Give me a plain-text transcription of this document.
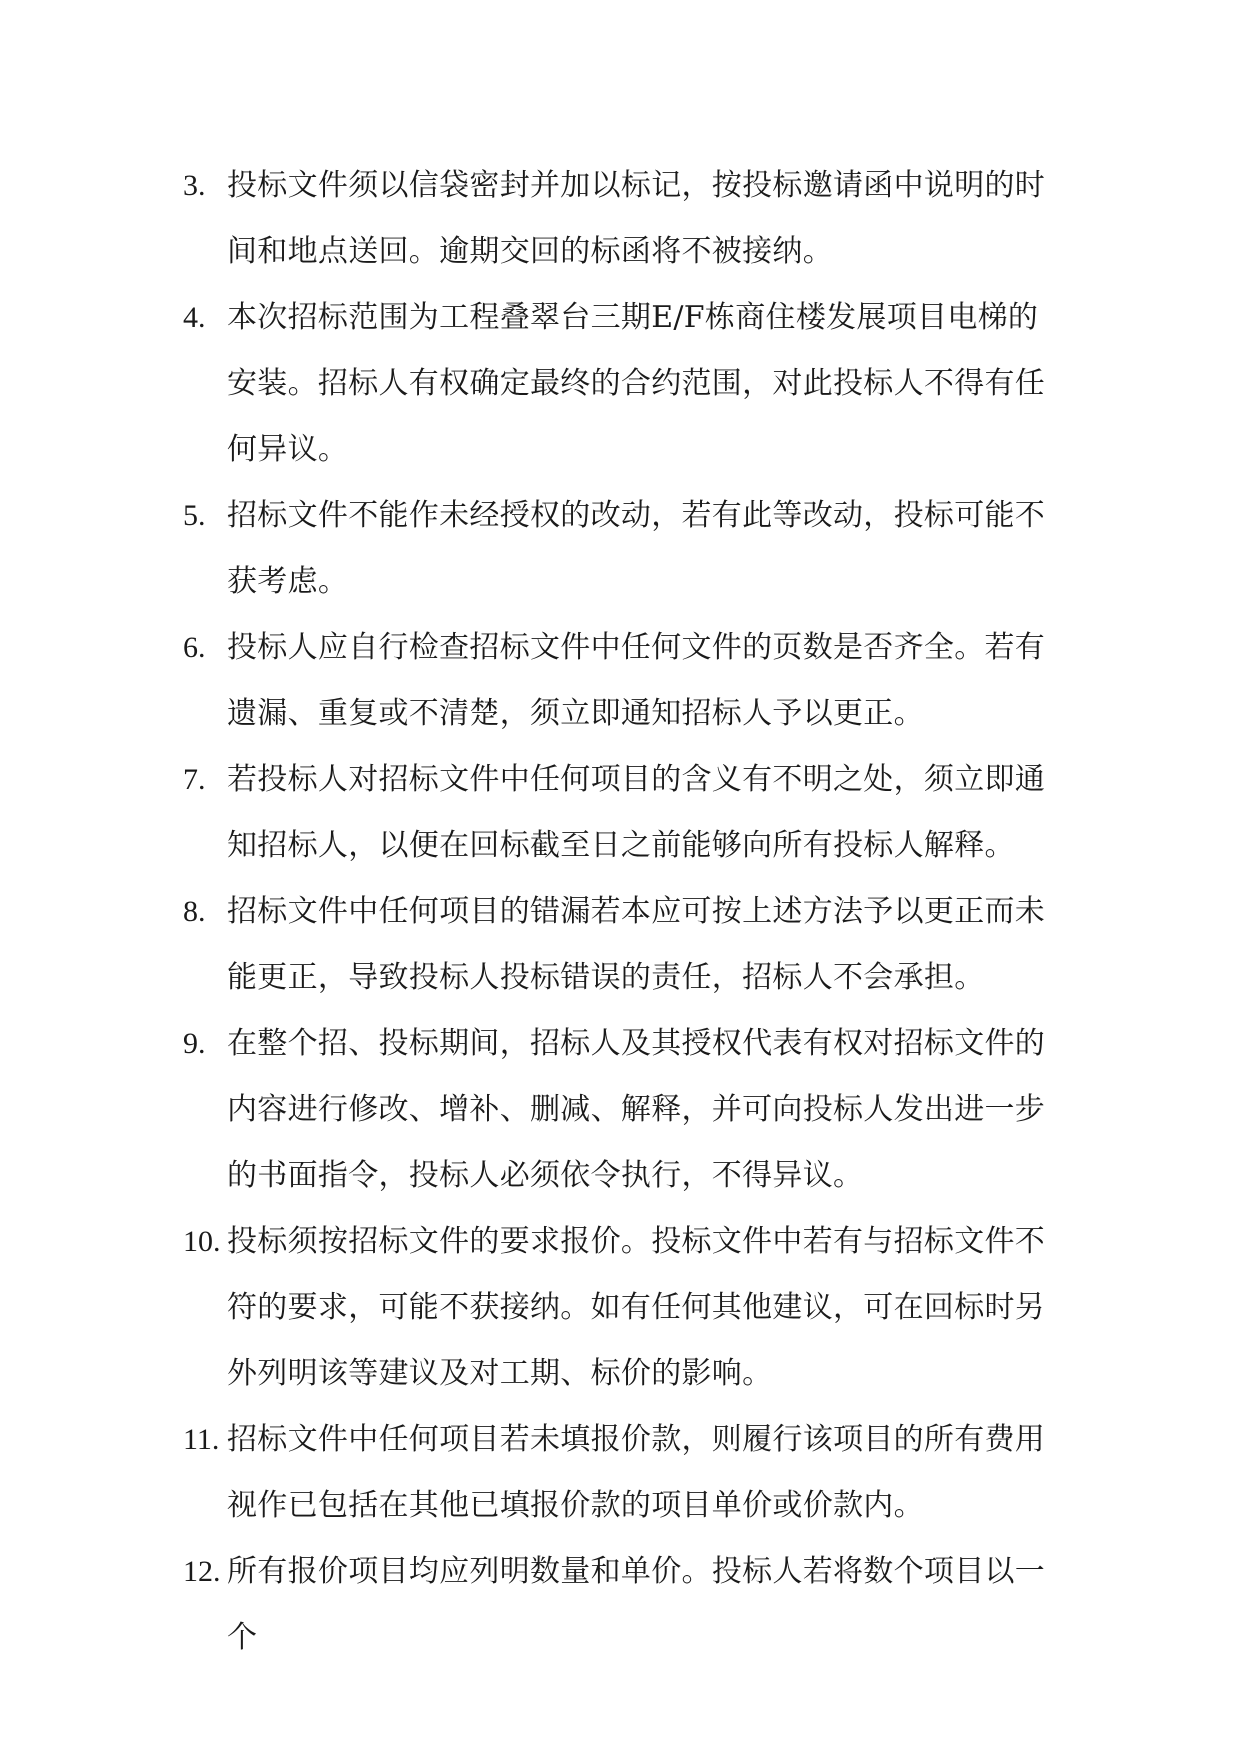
3. 投标文件须以信袋密封并加以标记，按投标邀请函中说明的时间和地点送回。逾期交回的标函将不被接纳。
4. 本次招标范围为工程叠翠台三期E/F栋商住楼发展项目电梯的安装。招标人有权确定最终的合约范围，对此投标人不得有任何异议。
5. 招标文件不能作未经授权的改动，若有此等改动，投标可能不获考虑。
6. 投标人应自行检查招标文件中任何文件的页数是否齐全。若有遗漏、重复或不清楚，须立即通知招标人予以更正。
7. 若投标人对招标文件中任何项目的含义有不明之处，须立即通知招标人，以便在回标截至日之前能够向所有投标人解释。
8. 招标文件中任何项目的错漏若本应可按上述方法予以更正而未能更正，导致投标人投标错误的责任，招标人不会承担。
9. 在整个招、投标期间，招标人及其授权代表有权对招标文件的内容进行修改、增补、删减、解释，并可向投标人发出进一步的书面指令，投标人必须依令执行，不得异议。
10. 投标须按招标文件的要求报价。投标文件中若有与招标文件不符的要求，可能不获接纳。如有任何其他建议，可在回标时另外列明该等建议及对工期、标价的影响。
11. 招标文件中任何项目若未填报价款，则履行该项目的所有费用视作已包括在其他已填报价款的项目单价或价款内。
12. 所有报价项目均应列明数量和单价。投标人若将数个项目以一个
